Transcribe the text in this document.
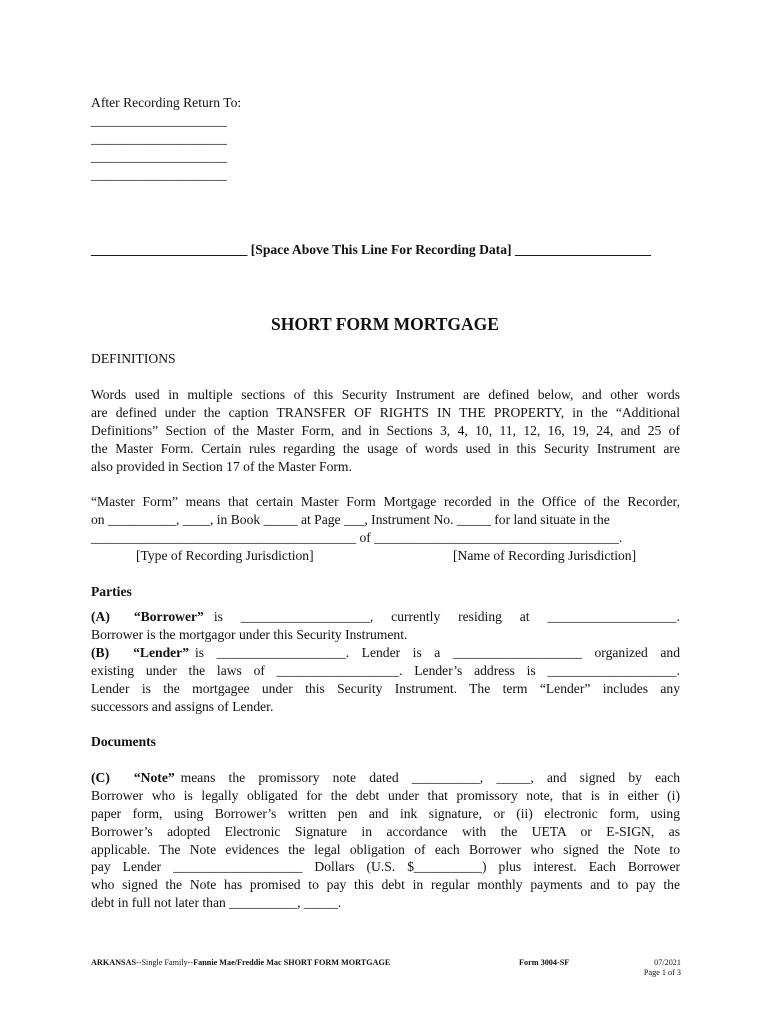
After Recording Return To:
____________________
____________________
____________________
____________________
_______________________ [Space Above This Line For Recording Data] ____________________
SHORT FORM MORTGAGE
DEFINITIONS
Words used in multiple sections of this Security Instrument are defined below, and other words
are defined under the caption TRANSFER OF RIGHTS IN THE PROPERTY, in the “Additional
Definitions” Section of the Master Form, and in Sections 3, 4, 10, 11, 12, 16, 19, 24, and 25 of
the Master Form. Certain rules regarding the usage of words used in this Security Instrument are
also provided in Section 17 of the Master Form.
“Master Form” means that certain Master Form Mortgage recorded in the Office of the Recorder,
on __________, ____, in Book _____ at Page ___, Instrument No. _____ for land situate in the
_______________________________________ of ____________________________________.
[Type of Recording Jurisdiction]	[Name of Recording Jurisdiction]
Parties
(A) “Borrower” is ___________________, currently residing at ___________________.
Borrower is the mortgagor under this Security Instrument.
(B) “Lender” is ___________________. Lender is a ___________________ organized and
existing under the laws of __________________. Lender’s address is ___________________.
Lender is the mortgagee under this Security Instrument. The term “Lender” includes any
successors and assigns of Lender.
Documents
(C) “Note” means the promissory note dated __________, _____, and signed by each
Borrower who is legally obligated for the debt under that promissory note, that is in either (i)
paper form, using Borrower’s written pen and ink signature, or (ii) electronic form, using
Borrower’s adopted Electronic Signature in accordance with the UETA or E-SIGN, as
applicable. The Note evidences the legal obligation of each Borrower who signed the Note to
pay Lender ___________________ Dollars (U.S. $__________) plus interest. Each Borrower
who signed the Note has promised to pay this debt in regular monthly payments and to pay the
debt in full not later than __________, _____.
ARKANSAS--Single Family--Fannie Mae/Freddie Mac SHORT FORM MORTGAGE	Form 3004-SF	07/2021
Page 1 of 3
